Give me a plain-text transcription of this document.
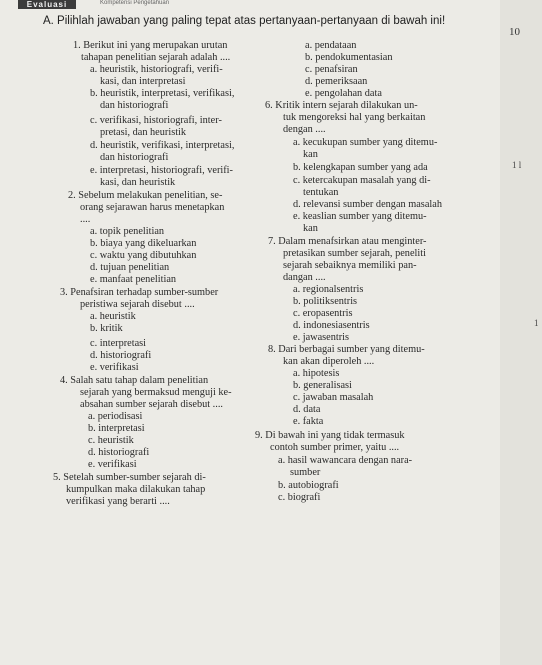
Evaluasi	Kompetensi Pengetahuan
A. Pilihlah jawaban yang paling tepat atas pertanyaan-pertanyaan di bawah ini!
1. Berikut ini yang merupakan urutan
tahapan penelitian sejarah adalah ....
a. heuristik, historiografi, verifi-
kasi, dan interpretasi
b. heuristik, interpretasi, verifikasi,
dan historiografi
c. verifikasi, historiografi, inter-
pretasi, dan heuristik
d. heuristik, verifikasi, interpretasi,
dan historiografi
e. interpretasi, historiografi, verifi-
kasi, dan heuristik
2. Sebelum melakukan penelitian, se-
orang sejarawan harus menetapkan
....
a. topik penelitian
b. biaya yang dikeluarkan
c. waktu yang dibutuhkan
d. tujuan penelitian
e. manfaat penelitian
3. Penafsiran terhadap sumber-sumber
peristiwa sejarah disebut ....
a. heuristik
b. kritik
c. interpretasi
d. historiografi
e. verifikasi
4. Salah satu tahap dalam penelitian
sejarah yang bermaksud menguji ke-
absahan sumber sejarah disebut ....
a. periodisasi
b. interpretasi
c. heuristik
d. historiografi
e. verifikasi
5. Setelah sumber-sumber sejarah di-
kumpulkan maka dilakukan tahap
verifikasi yang berarti ....
a. pendataan
b. pendokumentasian
c. penafsiran
d. pemeriksaan
e. pengolahan data
6. Kritik intern sejarah dilakukan un-
tuk mengoreksi hal yang berkaitan
dengan ....
a. kecukupan sumber yang ditemu-
kan
b. kelengkapan sumber yang ada
c. ketercakupan masalah yang di-
tentukan
d. relevansi sumber dengan masalah
e. keaslian sumber yang ditemu-
kan
7. Dalam menafsirkan atau menginter-
pretasikan sumber sejarah, peneliti
sejarah sebaiknya memiliki pan-
dangan ....
a. regionalsentris
b. politiksentris
c. eropasentris
d. indonesiasentris
e. jawasentris
8. Dari berbagai sumber yang ditemu-
kan akan diperoleh ....
a. hipotesis
b. generalisasi
c. jawaban masalah
d. data
e. fakta
9. Di bawah ini yang tidak termasuk
contoh sumber primer, yaitu ....
a. hasil wawancara dengan nara-
sumber
b. autobiografi
c. biografi
10
1 l
1
